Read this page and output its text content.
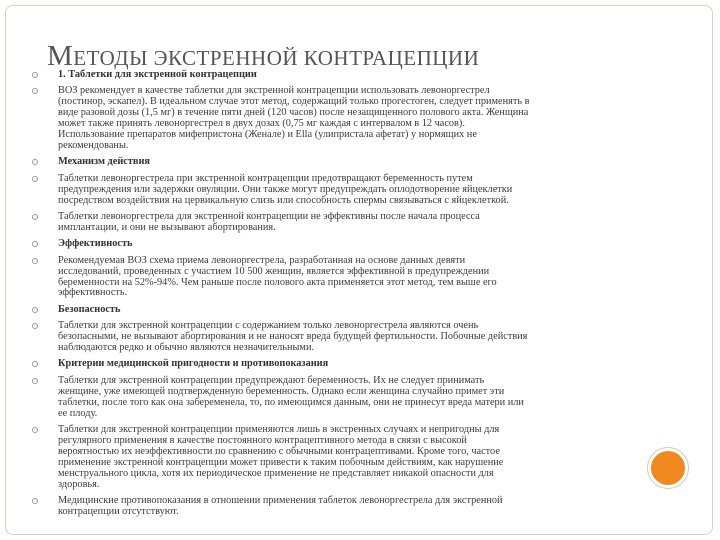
МЕТОДЫ ЭКСТРЕННОЙ КОНТРАЦЕПЦИИ
1. Таблетки для экстренной контрацепции
ВОЗ рекомендует в качестве таблетки для экстренной контрацепции использовать левоноргестрел
(постинор, эскапел). В идеальном случае этот метод, содержащий только прогестоген, следует применять в
виде разовой дозы (1,5 мг) в течение пяти дней (120 часов) после незащищенного полового акта. Женщина
может также принять левоноргестрел в двух дозах (0,75 мг каждая с интервалом в 12 часов).
Использование препаратов мифепристона (Женале) и Еllа (улипристала афетат) у нормящих не
рекомендованы.
Механизм действия
Таблетки левоноргестрела при экстренной контрацепции предотвращают беременность путем
предупреждения или задержки овуляции. Они также могут предупреждать оплодотворение яйцеклетки
посредством воздействия на цервикальную слизь или способность спермы связываться с яйцеклеткой.
Таблетки левоноргестрела для экстренной контрацепции не эффективны после начала процесса
имплантации, и они не вызывают абортирования.
Эффективность
Рекомендуемая ВОЗ схема приема левоноргестрела, разработанная на основе данных девяти
исследований, проведенных с участием 10 500 женщин, является эффективной в предупреждении
беременности на 52%-94%. Чем раньше после полового акта применяется этот метод, тем выше его
эффективность.
Безопасность
Таблетки для экстренной контрацепции с содержанием только левоноргестрела являются очень
безопасными, не вызывают абортирования и не наносят вреда будущей фертильности. Побочные действия
наблюдаются редко и обычно являются незначительными.
Критерии медицинской пригодности и противопоказания
Таблетки для экстренной контрацепции предупреждают беременность. Их не следует принимать
женщине, уже имеющей подтвержденную беременность. Однако если женщина случайно примет эти
таблетки, после того как она забеременела, то, по имеющимся данным, они не принесут вреда матери или
ее плоду.
Таблетки для экстренной контрацепции применяются лишь в экстренных случаях и непригодны для
регулярного применения в качестве постоянного контрацептивного метода в связи с высокой
вероятностью их неэффективности по сравнению с обычными контрацептивами. Кроме того, частое
применение экстренной контрацепции может привести к таким побочным действиям, как нарушение
менструального цикла, хотя их периодическое применение не представляет никакой опасности для
здоровья.
Медицинские противопоказания в отношении применения таблеток левоноргестрела для экстренной
контрацепции отсутствуют.
